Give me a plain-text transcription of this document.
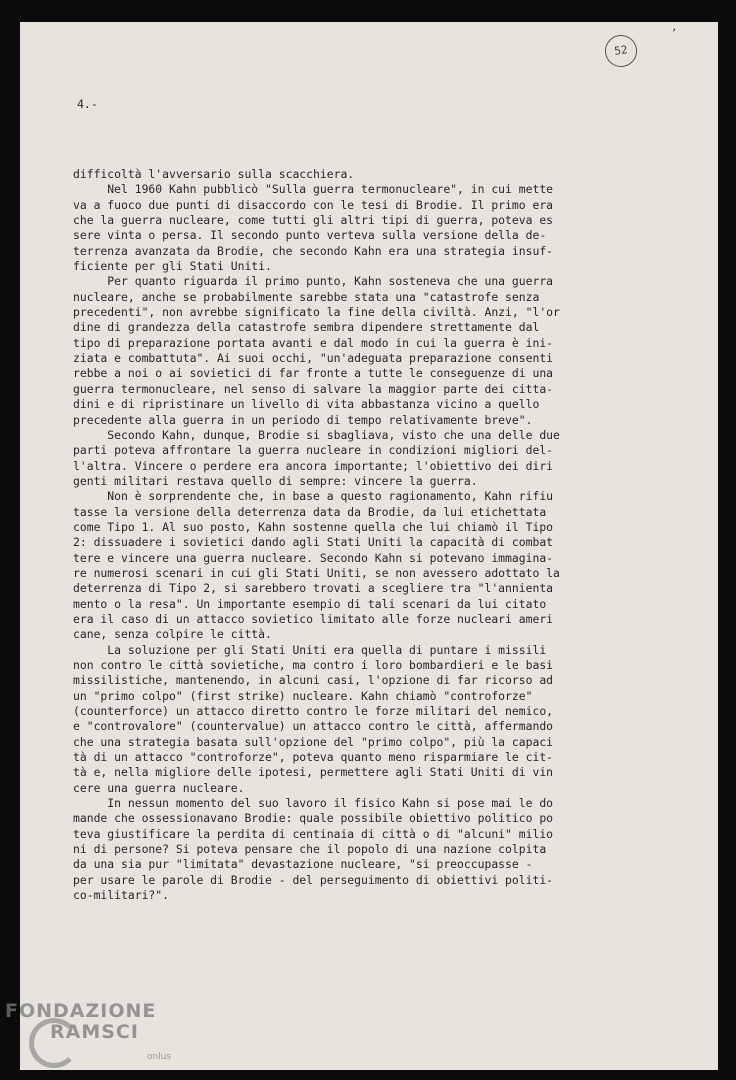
52
ʼ
4.-
difficoltà l'avversario sulla scacchiera.
Nel 1960 Kahn pubblicò "Sulla guerra termonucleare", in cui mette
va a fuoco due punti di disaccordo con le tesi di Brodie. Il primo era
che la guerra nucleare, come tutti gli altri tipi di guerra, poteva es
sere vinta o persa. Il secondo punto verteva sulla versione della de-
terrenza avanzata da Brodie, che secondo Kahn era una strategia insuf-
ficiente per gli Stati Uniti.
Per quanto riguarda il primo punto, Kahn sosteneva che una guerra
nucleare, anche se probabilmente sarebbe stata una "catastrofe senza
precedenti", non avrebbe significato la fine della civiltà. Anzi, "l'or
dine di grandezza della catastrofe sembra dipendere strettamente dal
tipo di preparazione portata avanti e dal modo in cui la guerra è ini-
ziata e combattuta". Ai suoi occhi, "un'adeguata preparazione consenti
rebbe a noi o ai sovietici di far fronte a tutte le conseguenze di una
guerra termonucleare, nel senso di salvare la maggior parte dei citta-
dini e di ripristinare un livello di vita abbastanza vicino a quello
precedente alla guerra in un periodo di tempo relativamente breve".
Secondo Kahn, dunque, Brodie si sbagliava, visto che una delle due
parti poteva affrontare la guerra nucleare in condizioni migliori del-
l'altra. Vincere o perdere era ancora importante; l'obiettivo dei diri
genti militari restava quello di sempre: vincere la guerra.
Non è sorprendente che, in base a questo ragionamento, Kahn rifiu
tasse la versione della deterrenza data da Brodie, da lui etichettata
come Tipo 1. Al suo posto, Kahn sostenne quella che lui chiamò il Tipo
2: dissuadere i sovietici dando agli Stati Uniti la capacità di combat
tere e vincere una guerra nucleare. Secondo Kahn si potevano immagina-
re numerosi scenari in cui gli Stati Uniti, se non avessero adottato la
deterrenza di Tipo 2, si sarebbero trovati a scegliere tra "l'annienta
mento o la resa". Un importante esempio di tali scenari da lui citato
era il caso di un attacco sovietico limitato alle forze nucleari ameri
cane, senza colpire le città.
La soluzione per gli Stati Uniti era quella di puntare i missili
non contro le città sovietiche, ma contro i loro bombardieri e le basi
missilistiche, mantenendo, in alcuni casi, l'opzione di far ricorso ad
un "primo colpo" (first strike) nucleare. Kahn chiamò "controforze"
(counterforce) un attacco diretto contro le forze militari del nemico,
e "controvalore" (countervalue) un attacco contro le città, affermando
che una strategia basata sull'opzione del "primo colpo", più la capaci
tà di un attacco "controforze", poteva quanto meno risparmiare le cit-
tà e, nella migliore delle ipotesi, permettere agli Stati Uniti di vin
cere una guerra nucleare.
In nessun momento del suo lavoro il fisico Kahn si pose mai le do
mande che ossessionavano Brodie: quale possibile obiettivo politico po
teva giustificare la perdita di centinaia di città o di "alcuni" milio
ni di persone? Si poteva pensare che il popolo di una nazione colpita
da una sia pur "limitata" devastazione nucleare, "si preoccupasse -
per usare le parole di Brodie - del perseguimento di obiettivi politi-
co-militari?".
FONDAZIONE
RAMSCI
onlus
